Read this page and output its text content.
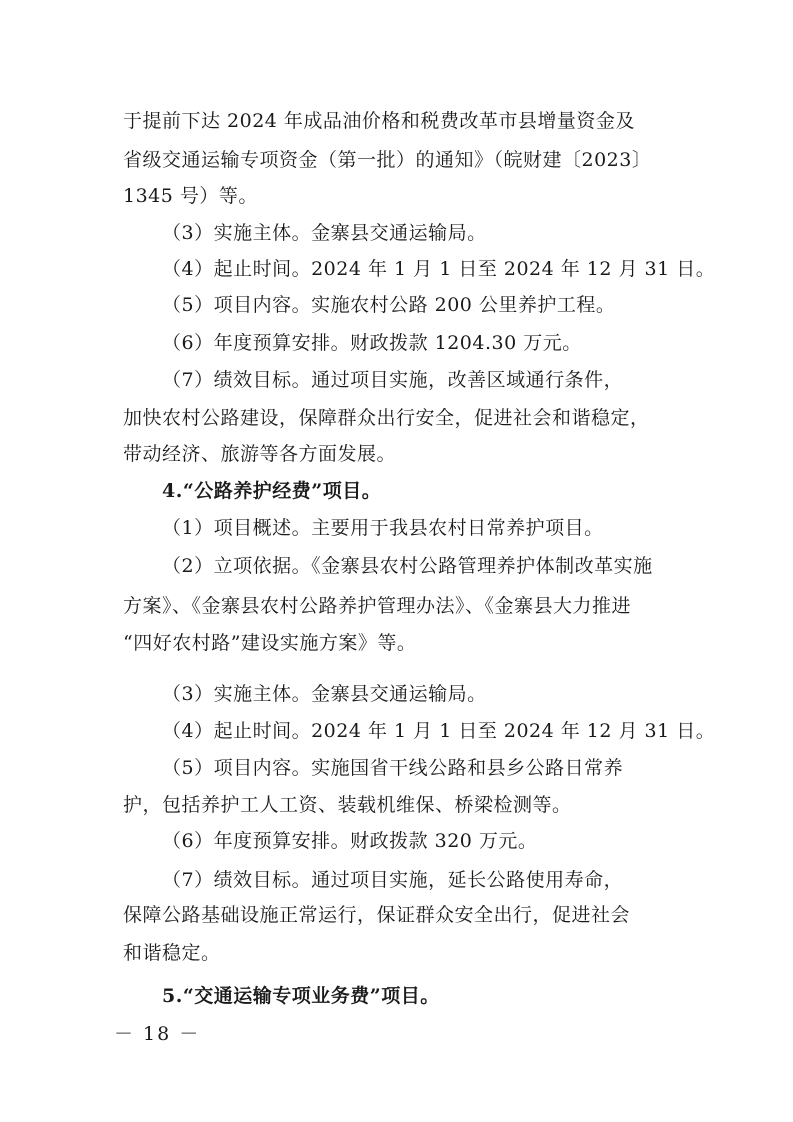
于提前下达 2024 年成品油价格和税费改革市县增量资金及
省级交通运输专项资金（第一批）的通知》（皖财建〔2023〕
1345 号）等。
（3）实施主体。金寨县交通运输局。
（4）起止时间。2024 年 1 月 1 日至 2024 年 12 月 31 日。
（5）项目内容。实施农村公路 200 公里养护工程。
（6）年度预算安排。财政拨款 1204.30 万元。
（7）绩效目标。通过项目实施，改善区域通行条件，
加快农村公路建设，保障群众出行安全，促进社会和谐稳定，
带动经济、旅游等各方面发展。
4.“公路养护经费”项目。
（1）项目概述。主要用于我县农村日常养护项目。
（2）立项依据。《金寨县农村公路管理养护体制改革实施
方案》、《金寨县农村公路养护管理办法》、《金寨县大力推进
“四好农村路”建设实施方案》等。
（3）实施主体。金寨县交通运输局。
（4）起止时间。2024 年 1 月 1 日至 2024 年 12 月 31 日。
（5）项目内容。实施国省干线公路和县乡公路日常养
护，包括养护工人工资、装载机维保、桥梁检测等。
（6）年度预算安排。财政拨款 320 万元。
（7）绩效目标。通过项目实施，延长公路使用寿命，
保障公路基础设施正常运行，保证群众安全出行，促进社会
和谐稳定。
5.“交通运输专项业务费”项目。
－ 18 －
